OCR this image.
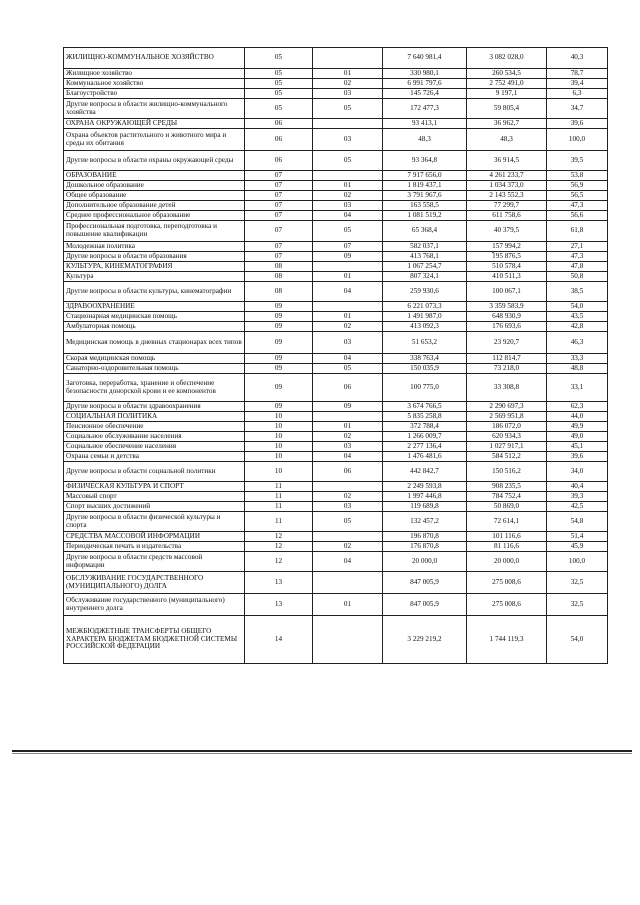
ЖИЛИЩНО-КОММУНАЛЬНОЕ ХОЗЯЙСТВО	05		7 640 981,4	3 082 028,0	40,3
Жилищное хозяйство	05	01	330 980,1	260 534,5	78,7
Коммунальное хозяйство	05	02	6 991 797,6	2 752 491,0	39,4
Благоустройство	05	03	145 726,4	9 197,1	6,3
Другие вопросы в области жилищно-коммунального хозяйства	05	05	172 477,3	59 805,4	34,7
ОХРАНА ОКРУЖАЮЩЕЙ СРЕДЫ	06		93 413,1	36 962,7	39,6
Охрана объектов растительного и животного мира и среды их обитания	06	03	48,3	48,3	100,0
Другие вопросы в области охраны окружающей среды	06	05	93 364,8	36 914,5	39,5
ОБРАЗОВАНИЕ	07		7 917 656,0	4 261 233,7	53,8
Дошкольное образование	07	01	1 819 437,1	1 034 373,0	56,9
Общее образование	07	02	3 791 967,6	2 143 552,3	56,5
Дополнительное образование детей	07	03	163 558,5	77 299,7	47,3
Среднее профессиональное образование	07	04	1 081 519,2	611 758,6	56,6
Профессиональная подготовка, переподготовка и повышение квалификации	07	05	65 368,4	40 379,5	61,8
Молодежная политика	07	07	582 037,1	157 994,2	27,1
Другие вопросы в области образования	07	09	413 768,1	195 876,5	47,3
КУЛЬТУРА, КИНЕМАТОГРАФИЯ	08		1 067 254,7	510 578,4	47,8
Культура	08	01	807 324,1	410 511,3	50,8
Другие вопросы в области культуры, кинематографии	08	04	259 930,6	100 067,1	38,5
ЗДРАВООХРАНЕНИЕ	09		6 221 073,3	3 359 583,9	54,0
Стационарная медицинская помощь	09	01	1 491 987,0	648 930,9	43,5
Амбулаторная помощь	09	02	413 092,3	176 693,6	42,8
Медицинская помощь в дневных стационарах всех типов	09	03	51 653,2	23 920,7	46,3
Скорая медицинская помощь	09	04	338 763,4	112 814,7	33,3
Санаторно-оздоровительная помощь	09	05	150 035,9	73 218,0	48,8
Заготовка, переработка, хранение и обеспечение безопасности донорской крови и ее компонентов	09	06	100 775,0	33 308,8	33,1
Другие вопросы в области здравоохранения	09	09	3 674 766,5	2 290 697,3	62,3
СОЦИАЛЬНАЯ ПОЛИТИКА	10		5 835 258,8	2 569 951,8	44,0
Пенсионное обеспечение	10	01	372 788,4	186 072,0	49,9
Социальное обслуживание населения	10	02	1 266 009,7	620 934,3	49,0
Социальное обеспечение населения	10	03	2 277 136,4	1 027 917,1	45,1
Охрана семьи и детства	10	04	1 476 481,6	584 512,2	39,6
Другие вопросы в области социальной политики	10	06	442 842,7	150 516,2	34,0
ФИЗИЧЕСКАЯ КУЛЬТУРА И СПОРТ	11		2 249 593,8	908 235,5	40,4
Массовый спорт	11	02	1 997 446,8	784 752,4	39,3
Спорт высших достижений	11	03	119 689,8	50 869,0	42,5
Другие вопросы в области физической культуры и спорта	11	05	132 457,2	72 614,1	54,8
СРЕДСТВА МАССОВОЙ ИНФОРМАЦИИ	12		196 870,8	101 116,6	51,4
Периодическая печать и издательства	12	02	176 870,8	81 116,6	45,9
Другие вопросы в области средств массовой информации	12	04	20 000,0	20 000,0	100,0
ОБСЛУЖИВАНИЕ ГОСУДАРСТВЕННОГО (МУНИЦИПАЛЬНОГО) ДОЛГА	13		847 005,9	275 008,6	32,5
Обслуживание государственного (муниципального) внутреннего долга	13	01	847 005,9	275 008,6	32,5
МЕЖБЮДЖЕТНЫЕ ТРАНСФЕРТЫ ОБЩЕГО ХАРАКТЕРА БЮДЖЕТАМ БЮДЖЕТНОЙ СИСТЕМЫ РОССИЙСКОЙ ФЕДЕРАЦИИ	14		3 229 219,2	1 744 119,3	54,0
